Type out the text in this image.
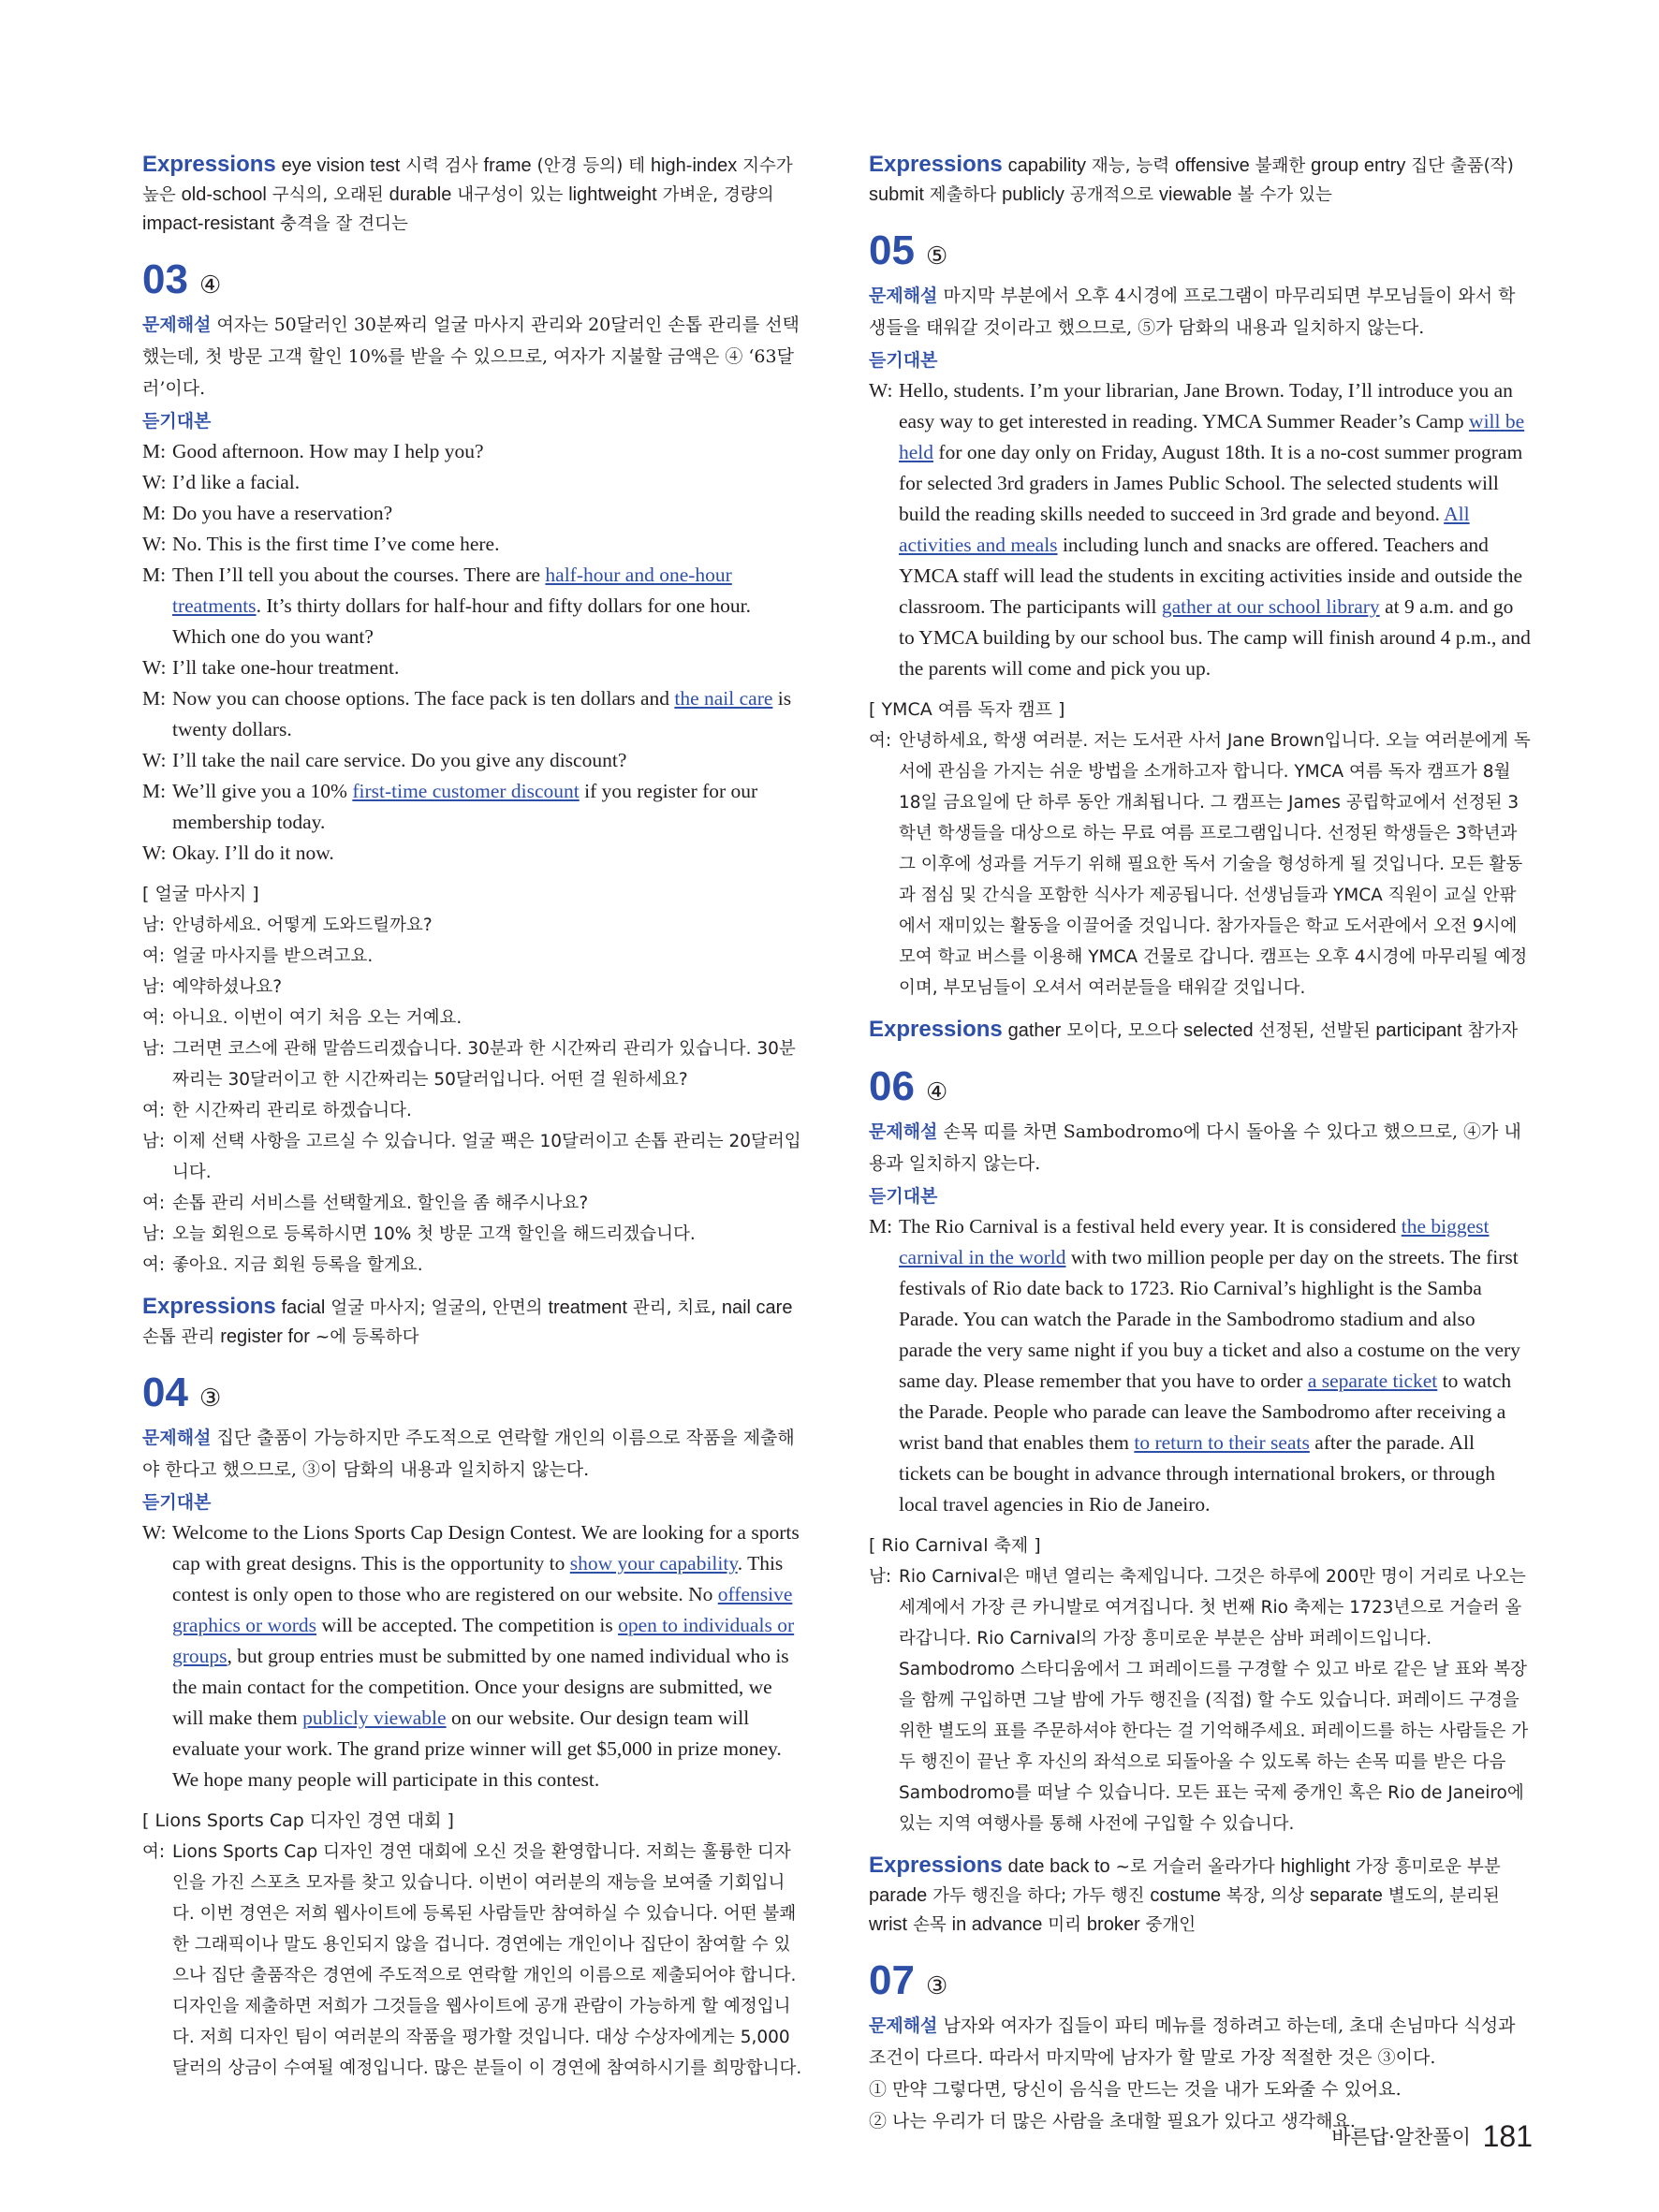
Expressions eye vision test 시력 검사 frame (안경 등의) 테 high-index 지수가 높은 old-school 구식의, 오래된 durable 내구성이 있는 lightweight 가벼운, 경량의 impact-resistant 충격을 잘 견디는
03 ④

문제해설 여자는 50달러인 30분짜리 얼굴 마사지 관리와 20달러인 손톱 관리를 선택했는데, 첫 방문 고객 할인 10%를 받을 수 있으므로, 여자가 지불할 금액은 ④ ‘63달러’이다.

듣기대본

M: Good afternoon. How may I help you?

W: I’d like a facial.

M: Do you have a reservation?

W: No. This is the first time I’ve come here.

M: Then I’ll tell you about the courses. There are half-hour and one-hour treatments. It’s thirty dollars for half-hour and fifty dollars for one hour. Which one do you want?

W: I’ll take one-hour treatment.

M: Now you can choose options. The face pack is ten dollars and the nail care is twenty dollars.

W: I’ll take the nail care service. Do you give any discount?

M: We’ll give you a 10% first-time customer discount if you register for our membership today.

W: Okay. I’ll do it now.

[ 얼굴 마사지 ]

남: 안녕하세요. 어떻게 도와드릴까요?

여: 얼굴 마사지를 받으려고요.

남: 예약하셨나요?

여: 아니요. 이번이 여기 처음 오는 거예요.

남: 그러면 코스에 관해 말씀드리겠습니다. 30분과 한 시간짜리 관리가 있습니다. 30분짜리는 30달러이고 한 시간짜리는 50달러입니다. 어떤 걸 원하세요?

여: 한 시간짜리 관리로 하겠습니다.

남: 이제 선택 사항을 고르실 수 있습니다. 얼굴 팩은 10달러이고 손톱 관리는 20달러입니다.

여: 손톱 관리 서비스를 선택할게요. 할인을 좀 해주시나요?

남: 오늘 회원으로 등록하시면 10% 첫 방문 고객 할인을 해드리겠습니다.

여: 좋아요. 지금 회원 등록을 할게요.

Expressions facial 얼굴 마사지; 얼굴의, 안면의 treatment 관리, 치료, nail care 손톱 관리 register for ~에 등록하다
04 ③

문제해설 집단 출품이 가능하지만 주도적으로 연락할 개인의 이름으로 작품을 제출해야 한다고 했으므로, ③이 담화의 내용과 일치하지 않는다.

듣기대본

W: Welcome to the Lions Sports Cap Design Contest. We are looking for a sports cap with great designs. This is the opportunity to show your capability. This contest is only open to those who are registered on our website. No offensive graphics or words will be accepted. The competition is open to individuals or groups, but group entries must be submitted by one named individual who is the main contact for the competition. Once your designs are submitted, we will make them publicly viewable on our website. Our design team will evaluate your work. The grand prize winner will get $5,000 in prize money. We hope many people will participate in this contest.

[ Lions Sports Cap 디자인 경연 대회 ]

여: Lions Sports Cap 디자인 경연 대회에 오신 것을 환영합니다. 저희는 훌륭한 디자인을 가진 스포츠 모자를 찾고 있습니다. 이번이 여러분의 재능을 보여줄 기회입니다. 이번 경연은 저희 웹사이트에 등록된 사람들만 참여하실 수 있습니다. 어떤 불쾌한 그래픽이나 말도 용인되지 않을 겁니다. 경연에는 개인이나 집단이 참여할 수 있으나 집단 출품작은 경연에 주도적으로 연락할 개인의 이름으로 제출되어야 합니다. 디자인을 제출하면 저희가 그것들을 웹사이트에 공개 관람이 가능하게 할 예정입니다. 저희 디자인 팀이 여러분의 작품을 평가할 것입니다. 대상 수상자에게는 5,000달러의 상금이 수여될 예정입니다. 많은 분들이 이 경연에 참여하시기를 희망합니다.

Expressions capability 재능, 능력 offensive 불쾌한 group entry 집단 출품(작) submit 제출하다 publicly 공개적으로 viewable 볼 수가 있는
05 ⑤

문제해설 마지막 부분에서 오후 4시경에 프로그램이 마무리되면 부모님들이 와서 학생들을 태워갈 것이라고 했으므로, ⑤가 담화의 내용과 일치하지 않는다.

듣기대본

W: Hello, students. I’m your librarian, Jane Brown. Today, I’ll introduce you an easy way to get interested in reading. YMCA Summer Reader’s Camp will be held for one day only on Friday, August 18th. It is a no-cost summer program for selected 3rd graders in James Public School. The selected students will build the reading skills needed to succeed in 3rd grade and beyond. All activities and meals including lunch and snacks are offered. Teachers and YMCA staff will lead the students in exciting activities inside and outside the classroom. The participants will gather at our school library at 9 a.m. and go to YMCA building by our school bus. The camp will finish around 4 p.m., and the parents will come and pick you up.

[ YMCA 여름 독자 캠프 ]

여: 안녕하세요, 학생 여러분. 저는 도서관 사서 Jane Brown입니다. 오늘 여러분에게 독서에 관심을 가지는 쉬운 방법을 소개하고자 합니다. YMCA 여름 독자 캠프가 8월 18일 금요일에 단 하루 동안 개최됩니다. 그 캠프는 James 공립학교에서 선정된 3학년 학생들을 대상으로 하는 무료 여름 프로그램입니다. 선정된 학생들은 3학년과 그 이후에 성과를 거두기 위해 필요한 독서 기술을 형성하게 될 것입니다. 모든 활동과 점심 및 간식을 포함한 식사가 제공됩니다. 선생님들과 YMCA 직원이 교실 안팎에서 재미있는 활동을 이끌어줄 것입니다. 참가자들은 학교 도서관에서 오전 9시에 모여 학교 버스를 이용해 YMCA 건물로 갑니다. 캠프는 오후 4시경에 마무리될 예정이며, 부모님들이 오셔서 여러분들을 태워갈 것입니다.

Expressions gather 모이다, 모으다 selected 선정된, 선발된 participant 참가자
06 ④

문제해설 손목 띠를 차면 Sambodromo에 다시 돌아올 수 있다고 했으므로, ④가 내용과 일치하지 않는다.

듣기대본

M: The Rio Carnival is a festival held every year. It is considered the biggest carnival in the world with two million people per day on the streets. The first festivals of Rio date back to 1723. Rio Carnival’s highlight is the Samba Parade. You can watch the Parade in the Sambodromo stadium and also parade the very same night if you buy a ticket and also a costume on the very same day. Please remember that you have to order a separate ticket to watch the Parade. People who parade can leave the Sambodromo after receiving a wrist band that enables them to return to their seats after the parade. All tickets can be bought in advance through international brokers, or through local travel agencies in Rio de Janeiro.

[ Rio Carnival 축제 ]

남: Rio Carnival은 매년 열리는 축제입니다. 그것은 하루에 200만 명이 거리로 나오는 세계에서 가장 큰 카니발로 여겨집니다. 첫 번째 Rio 축제는 1723년으로 거슬러 올라갑니다. Rio Carnival의 가장 흥미로운 부분은 삼바 퍼레이드입니다. Sambodromo 스타디움에서 그 퍼레이드를 구경할 수 있고 바로 같은 날 표와 복장을 함께 구입하면 그날 밤에 가두 행진을 (직접) 할 수도 있습니다. 퍼레이드 구경을 위한 별도의 표를 주문하셔야 한다는 걸 기억해주세요. 퍼레이드를 하는 사람들은 가두 행진이 끝난 후 자신의 좌석으로 되돌아올 수 있도록 하는 손목 띠를 받은 다음 Sambodromo를 떠날 수 있습니다. 모든 표는 국제 중개인 혹은 Rio de Janeiro에 있는 지역 여행사를 통해 사전에 구입할 수 있습니다.

Expressions date back to ~로 거슬러 올라가다 highlight 가장 흥미로운 부분 parade 가두 행진을 하다; 가두 행진 costume 복장, 의상 separate 별도의, 분리된 wrist 손목 in advance 미리 broker 중개인
07 ③

문제해설 남자와 여자가 집들이 파티 메뉴를 정하려고 하는데, 초대 손님마다 식성과 조건이 다르다. 따라서 마지막에 남자가 할 말로 가장 적절한 것은 ③이다.

① 만약 그렇다면, 당신이 음식을 만드는 것을 내가 도와줄 수 있어요.

② 나는 우리가 더 많은 사람을 초대할 필요가 있다고 생각해요.

바른답·알찬풀이 181
